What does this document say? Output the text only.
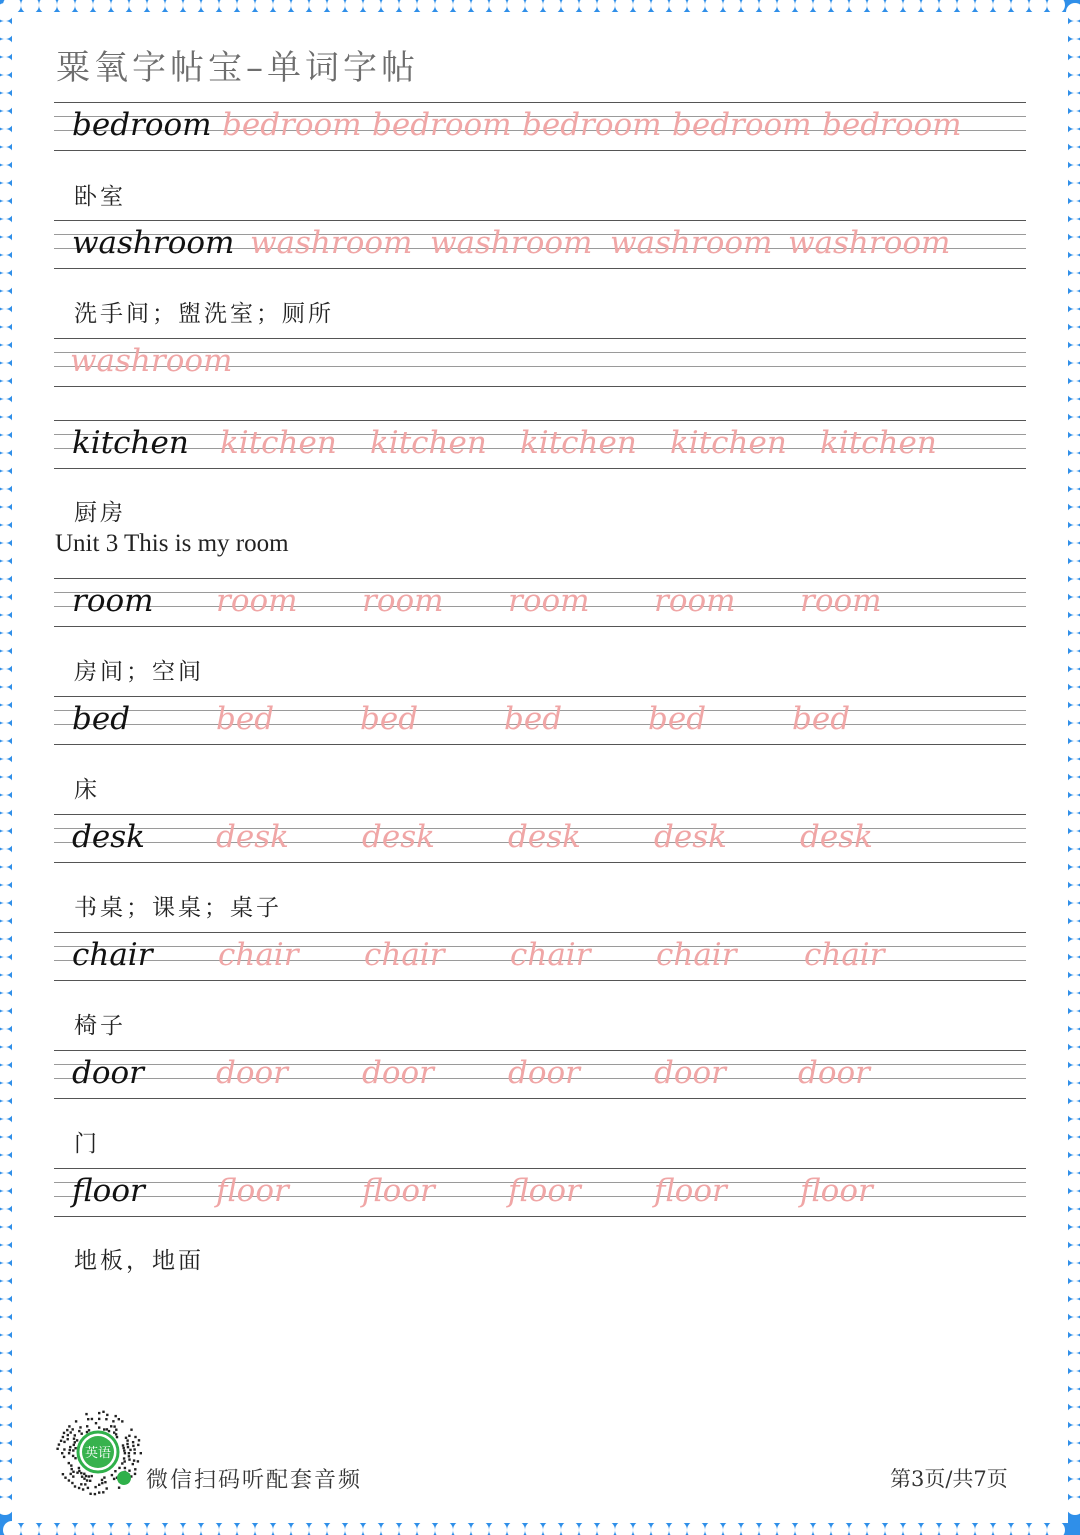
粟氧字帖宝–单词字帖
bedroom bedroom bedroom bedroom bedroom bedroom
washroom washroom washroom washroom washroom
washroom
kitchen kitchen kitchen kitchen kitchen kitchen
room room room room room room
bed	bed	bed	bed	bed	bed
desk desk desk desk desk desk
chair chair chair chair chair chair
door door door door door door
floor floor floor floor floor floor
卧室
洗手间；盥洗室；厕所
厨房
Unit 3 This is my room
房间；空间
床
书桌；课桌；桌子
椅子
门
地板，地面
英语
微信扫码听配套音频	第3页/共7页
